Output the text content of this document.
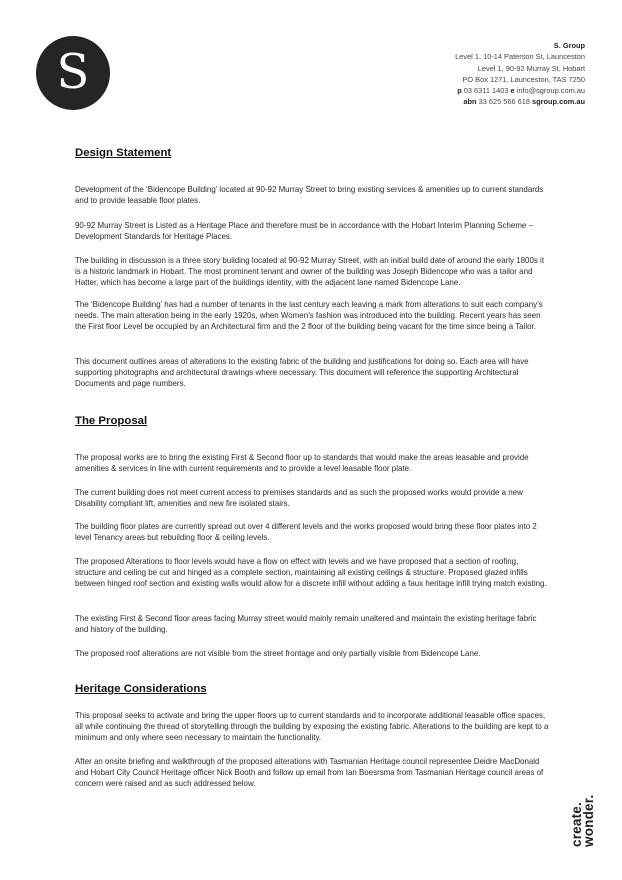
S	S. Group
Level 1, 10-14 Paterson St, Launceston
Level 1, 90-92 Murray St, Hobart
PO Box 1271, Launceston, TAS 7250
p 03 6311 1403 e info@sgroup.com.au
abn 33 625 566 618 sgroup.com.au
Design Statement

Development of the ‘Bidencope Building’ located at 90-92 Murray Street to bring existing services & amenities up to current standards and to provide leasable floor plates.

90-92 Murray Street is Listed as a Heritage Place and therefore must be in accordance with the Hobart Interim Planning Scheme – Development Standards for Heritage Places.

The building in discussion is a three story building located at 90-92 Murray Street, with an initial build date of around the early 1800s it is a historic landmark in Hobart. The most prominent tenant and owner of the building was Joseph Bidencope who was a tailor and Hatter, which has become a large part of the buildings identity, with the adjacent lane named Bidencope Lane.

The ‘Bidencope Building’ has had a number of tenants in the last century each leaving a mark from alterations to suit each company’s needs. The main alteration being in the early 1920s, when Women’s fashion was introduced into the building. Recent years has seen the First floor Level be occupied by an Architectural firm and the 2 floor of the building being vacant for the time since being a Tailor.

This document outlines areas of alterations to the existing fabric of the building and justifications for doing so. Each area will have supporting photographs and architectural drawings where necessary. This document will reference the supporting Architectural Documents and page numbers.

The Proposal

The proposal works are to bring the existing First & Second floor up to standards that would make the areas leasable and provide amenities & services in line with current requirements and to provide a level leasable floor plate.

The current building does not meet current access to premises standards and as such the proposed works would provide a new Disability compliant lift, amenities and new fire isolated stairs.

The building floor plates are currently spread out over 4 different levels and the works proposed would bring these floor plates into 2 level Tenancy areas but rebuilding floor & ceiling levels.

The proposed Alterations to floor levels would have a flow on effect with levels and we have proposed that a section of roofing, structure and ceiling be cut and hinged as a complete section, maintaining all existing ceilings & structure. Proposed glazed infills between hinged roof section and existing walls would allow for a discrete infill without adding a faux heritage infill trying match existing.

The existing First & Second floor areas facing Murray street would mainly remain unaltered and maintain the existing heritage fabric and history of the building.

The proposed roof alterations are not visible from the street frontage and only partially visible from Bidencope Lane.

Heritage Considerations

This proposal seeks to activate and bring the upper floors up to current standards and to incorporate additional leasable office spaces, all while continuing the thread of storytelling through the building by exposing the existing fabric. Alterations to the building are kept to a minimum and only where seen necessary to maintain the functionality.

After an onsite briefing and walkthrough of the proposed alterations with Tasmanian Heritage council representee Deidre MacDonald and Hobart City Council Heritage officer Nick Booth and follow up email from Ian Boesrsma from Tasmanian Heritage council areas of concern were raised and as such addressed below.

create.
wonder.
